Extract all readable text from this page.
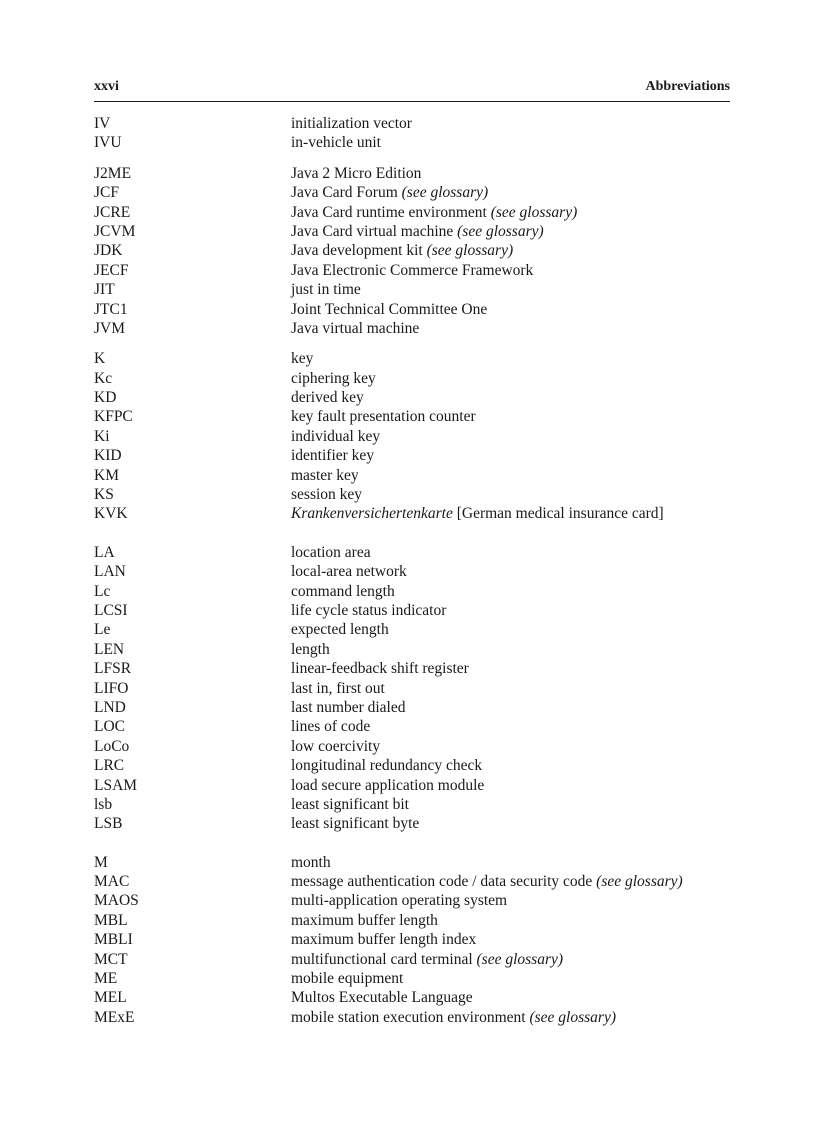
xxvi	Abbreviations
IV	initialization vector
IVU	in-vehicle unit
J2ME	Java 2 Micro Edition
JCF	Java Card Forum (see glossary)
JCRE	Java Card runtime environment (see glossary)
JCVM	Java Card virtual machine (see glossary)
JDK	Java development kit (see glossary)
JECF	Java Electronic Commerce Framework
JIT	just in time
JTC1	Joint Technical Committee One
JVM	Java virtual machine
K	key
Kc	ciphering key
KD	derived key
KFPC	key fault presentation counter
Ki	individual key
KID	identifier key
KM	master key
KS	session key
KVK	Krankenversichertenkarte [German medical insurance card]
LA	location area
LAN	local-area network
Lc	command length
LCSI	life cycle status indicator
Le	expected length
LEN	length
LFSR	linear-feedback shift register
LIFO	last in, first out
LND	last number dialed
LOC	lines of code
LoCo	low coercivity
LRC	longitudinal redundancy check
LSAM	load secure application module
lsb	least significant bit
LSB	least significant byte
M	month
MAC	message authentication code / data security code (see glossary)
MAOS	multi-application operating system
MBL	maximum buffer length
MBLI	maximum buffer length index
MCT	multifunctional card terminal (see glossary)
ME	mobile equipment
MEL	Multos Executable Language
MExE	mobile station execution environment (see glossary)
